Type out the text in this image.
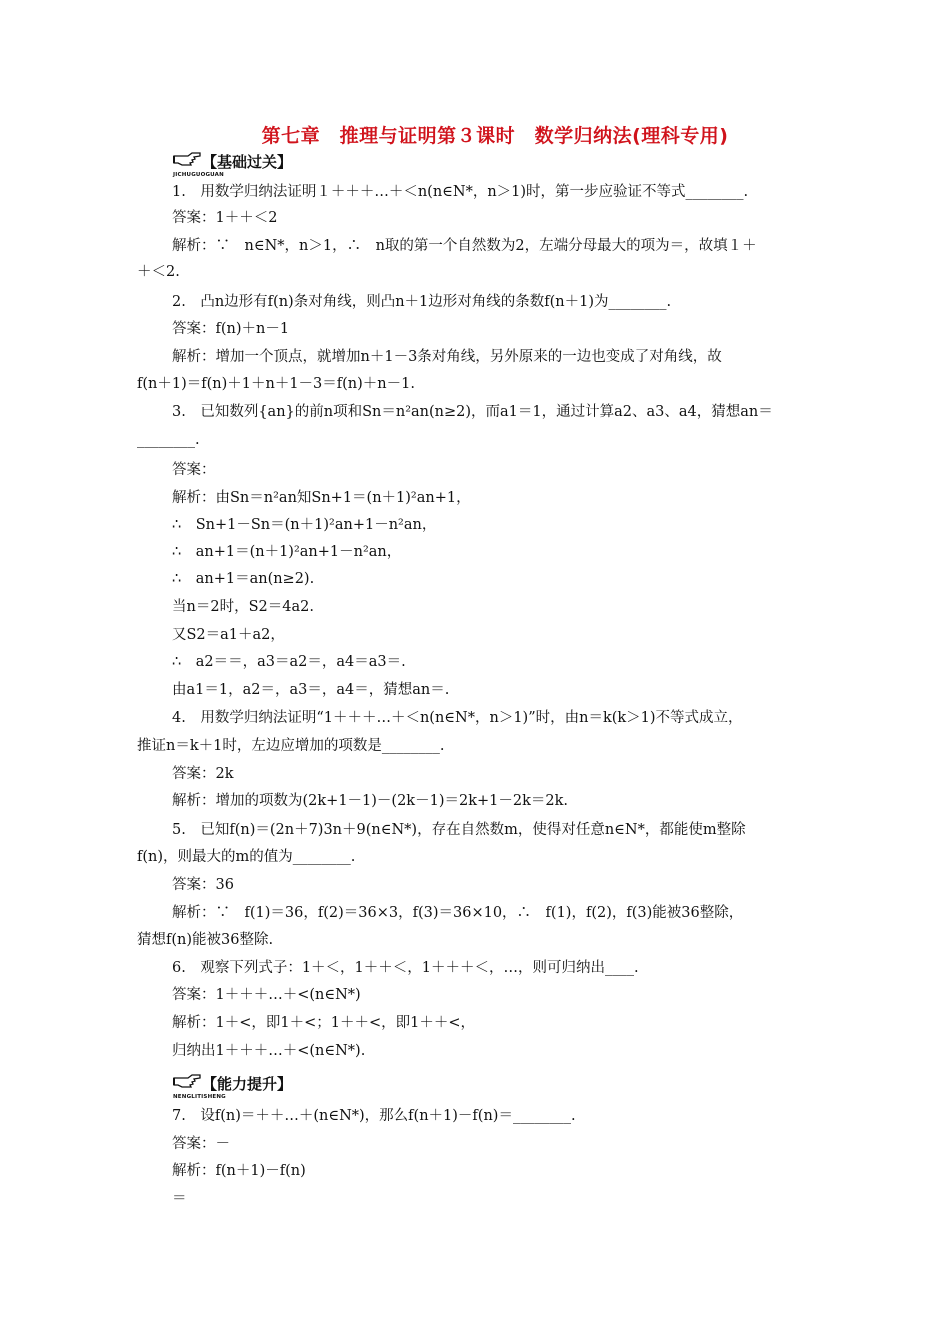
第七章　推理与证明第３课时　数学归纳法(理科专用)
【基础过关】
JICHUGUOGUAN
1.　用数学归纳法证明１＋＋＋…＋＜n(n∈N*，n＞1)时，第一步应验证不等式________.
答案：1＋＋＜2
解析：∵　n∈N*，n＞1，∴　n取的第一个自然数为2，左端分母最大的项为＝，故填１＋
＋＜2.
2.　凸n边形有f(n)条对角线，则凸n＋1边形对角线的条数f(n＋1)为________.
答案：f(n)＋n－1
解析：增加一个顶点，就增加n＋1－3条对角线，另外原来的一边也变成了对角线，故
f(n＋1)＝f(n)＋1＋n＋1－3＝f(n)＋n－1.
3.　已知数列{an}的前n项和Sn＝n²an(n≥2)，而a1＝1，通过计算a2、a3、a4，猜想an＝
________.
答案：
解析：由Sn＝n²an知Sn+1＝(n＋1)²an+1，
∴　Sn+1－Sn＝(n＋1)²an+1－n²an，
∴　an+1＝(n＋1)²an+1－n²an，
∴　an+1＝an(n≥2).
当n＝2时，S2＝4a2.
又S2＝a1＋a2，
∴　a2＝＝，a3＝a2＝，a4＝a3＝.
由a1＝1，a2＝，a3＝，a4＝，猜想an＝.
4.　用数学归纳法证明“1＋＋＋…＋＜n(n∈N*，n＞1)”时，由n＝k(k＞1)不等式成立，
推证n＝k＋1时，左边应增加的项数是________.
答案：2k
解析：增加的项数为(2k+1－1)－(2k－1)＝2k+1－2k＝2k.
5.　已知f(n)＝(2n＋7)3n＋9(n∈N*)，存在自然数m，使得对任意n∈N*，都能使m整除
f(n)，则最大的m的值为________.
答案：36
解析：∵　f(1)＝36，f(2)＝36×3，f(3)＝36×10，∴　f(1)，f(2)，f(3)能被36整除，
猜想f(n)能被36整除.
6.　观察下列式子：1＋＜，1＋＋＜，1＋＋＋＜，…，则可归纳出____.
答案：1＋＋＋…＋<(n∈N*)
解析：1＋<，即1＋<；1＋＋<，即1＋＋<，
归纳出1＋＋＋…＋<(n∈N*).
【能力提升】
NENGLITISHENG
7.　设f(n)＝＋＋…＋(n∈N*)，那么f(n＋1)－f(n)＝________.
答案：－
解析：f(n＋1)－f(n)
＝
